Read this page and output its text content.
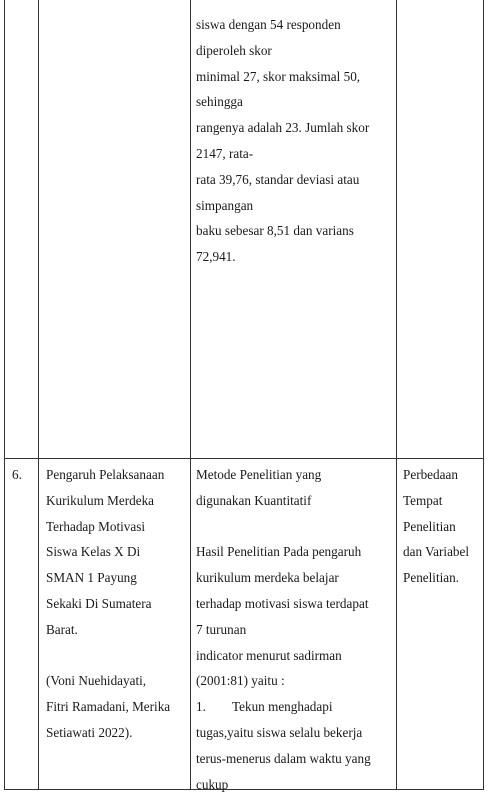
siswa dengan 54 responden
diperoleh skor
minimal 27, skor maksimal 50,
sehingga
rangenya adalah 23. Jumlah skor
2147, rata-
rata 39,76, standar deviasi atau
simpangan
baku sebesar 8,51 dan varians
72,941.
6. Pengaruh Pelaksanaan
Kurikulum Merdeka
Terhadap Motivasi
Siswa Kelas X Di
SMAN 1 Payung
Sekaki Di Sumatera
Barat.
(Voni Nuehidayati,
Fitri Ramadani, Merika
Setiawati 2022).
Metode Penelitian yang
digunakan Kuantitatif
Hasil Penelitian Pada pengaruh
kurikulum merdeka belajar
terhadap motivasi siswa terdapat
7 turunan
indicator menurut sadirman
(2001:81) yaitu :
1. Tekun menghadapi
tugas,yaitu siswa selalu bekerja
terus-menerus dalam waktu yang
cukup
Perbedaan
Tempat
Penelitian
dan Variabel
Penelitian.
